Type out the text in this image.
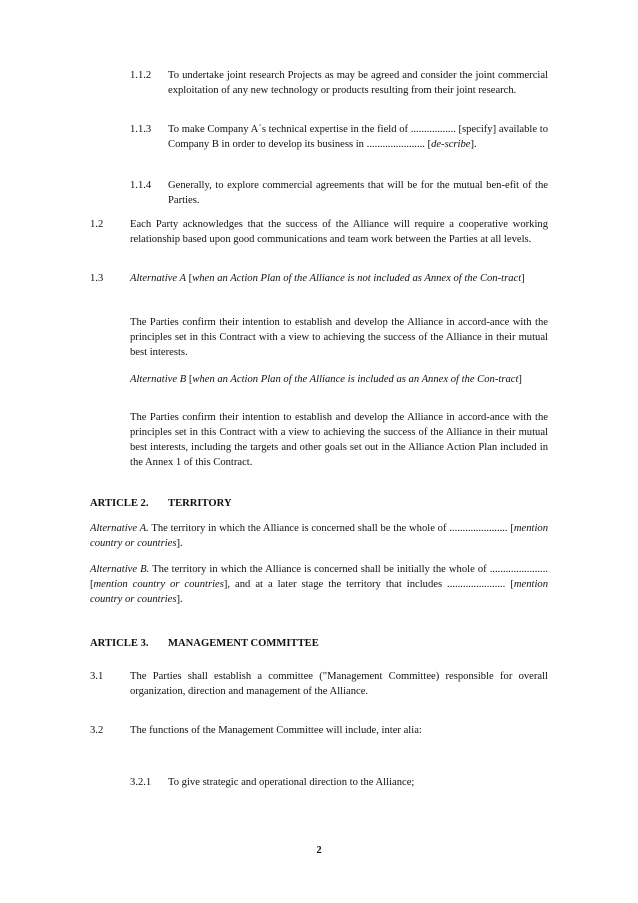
1.1.2 To undertake joint research Projects as may be agreed and consider the joint commercial exploitation of any new technology or products resulting from their joint research.
1.1.3 To make Company A´s technical expertise in the field of ................. [specify] available to Company B in order to develop its business in ...................... [de-scribe].
1.1.4 Generally, to explore commercial agreements that will be for the mutual ben-efit of the Parties.
1.2	Each Party acknowledges that the success of the Alliance will require a cooperative working relationship based upon good communications and team work between the Parties at all levels.
1.3	Alternative A [when an Action Plan of the Alliance is not included as Annex of the Con-tract]
The Parties confirm their intention to establish and develop the Alliance in accord-ance with the principles set in this Contract with a view to achieving the success of the Alliance in their mutual best interests.
Alternative B [when an Action Plan of the Alliance is included as an Annex of the Con-tract]
The Parties confirm their intention to establish and develop the Alliance in accord-ance with the principles set in this Contract with a view to achieving the success of the Alliance in their mutual best interests, including the targets and other goals set out in the Alliance Action Plan included in the Annex 1 of this Contract.
ARTICLE 2. TERRITORY
Alternative A. The territory in which the Alliance is concerned shall be the whole of ...................... [mention country or countries].
Alternative B. The territory in which the Alliance is concerned shall be initially the whole of ...................... [mention country or countries], and at a later stage the territory that includes ...................... [mention country or countries].
ARTICLE 3. MANAGEMENT COMMITTEE
3.1	The Parties shall establish a committee ("Management Committee) responsible for overall organization, direction and management of the Alliance.
3.2	The functions of the Management Committee will include, inter alia:
3.2.1 To give strategic and operational direction to the Alliance;
2
